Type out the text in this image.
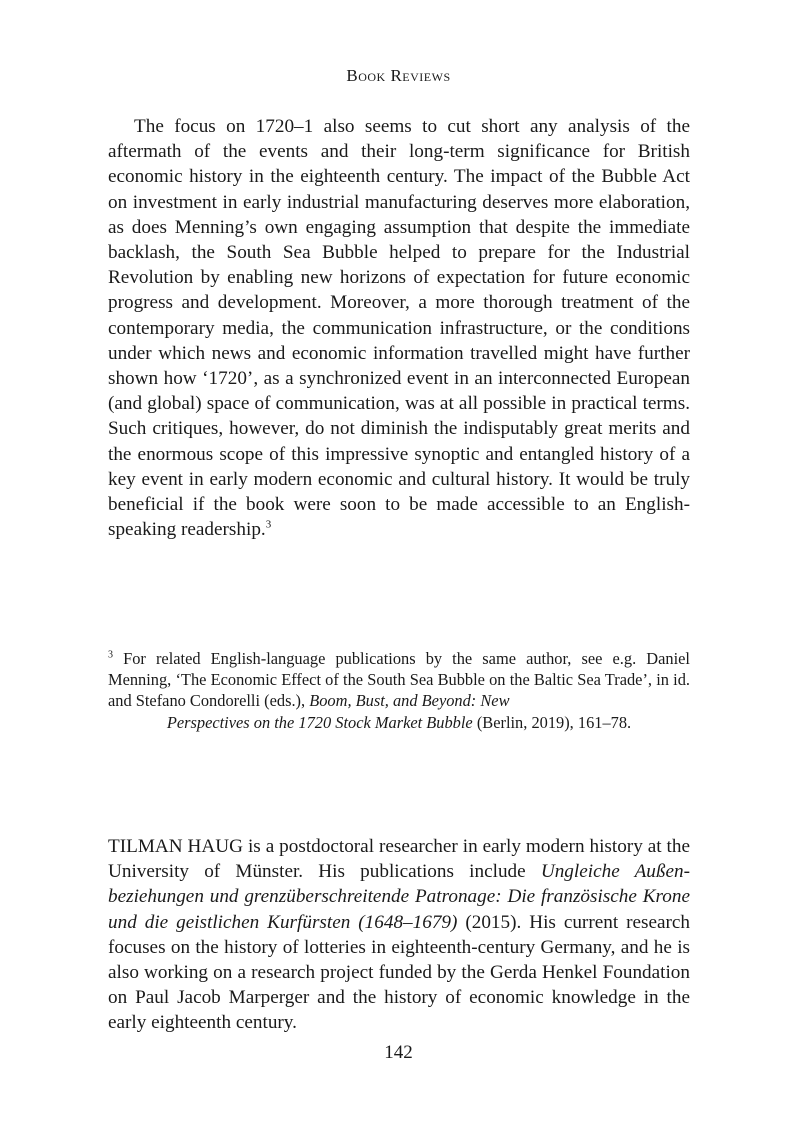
Book Reviews

The focus on 1720–1 also seems to cut short any analysis of the aftermath of the events and their long-term significance for British economic history in the eighteenth century. The impact of the Bubble Act on investment in early industrial manufacturing deserves more elaboration, as does Menning’s own engaging assumption that despite the immediate backlash, the South Sea Bubble helped to prepare for the Industrial Revolution by enabling new horizons of expectation for future economic progress and development. Moreover, a more thorough treatment of the contemporary media, the communication infrastructure, or the conditions under which news and economic information travelled might have further shown how ‘1720’, as a synchronized event in an interconnected European (and global) space of communication, was at all possible in practical terms. Such critiques, however, do not diminish the indisputably great merits and the enormous scope of this impressive synoptic and entangled history of a key event in early modern economic and cultural history. It would be truly beneficial if the book were soon to be made accessible to an English-speaking readership.$^3$

$^3$ For related English-language publications by the same author, see e.g. Daniel Menning, ‘The Economic Effect of the South Sea Bubble on the Baltic Sea Trade’, in id. and Stefano Condorelli (eds.), Boom, Bust, and Beyond: New
Perspectives on the 1720 Stock Market Bubble (Berlin, 2019), 161–78.
TILMAN HAUG is a postdoctoral researcher in early modern history at the University of Münster. His publications include Ungleiche Außenbeziehungen und grenzüberschreitende Patronage: Die französische Krone und die geistlichen Kurfürsten (1648–1679) (2015). His current research focuses on the history of lotteries in eighteenth-century Germany, and he is also working on a research project funded by the Gerda Henkel Foundation on Paul Jacob Marperger and the history of economic knowledge in the early eighteenth century.
142
